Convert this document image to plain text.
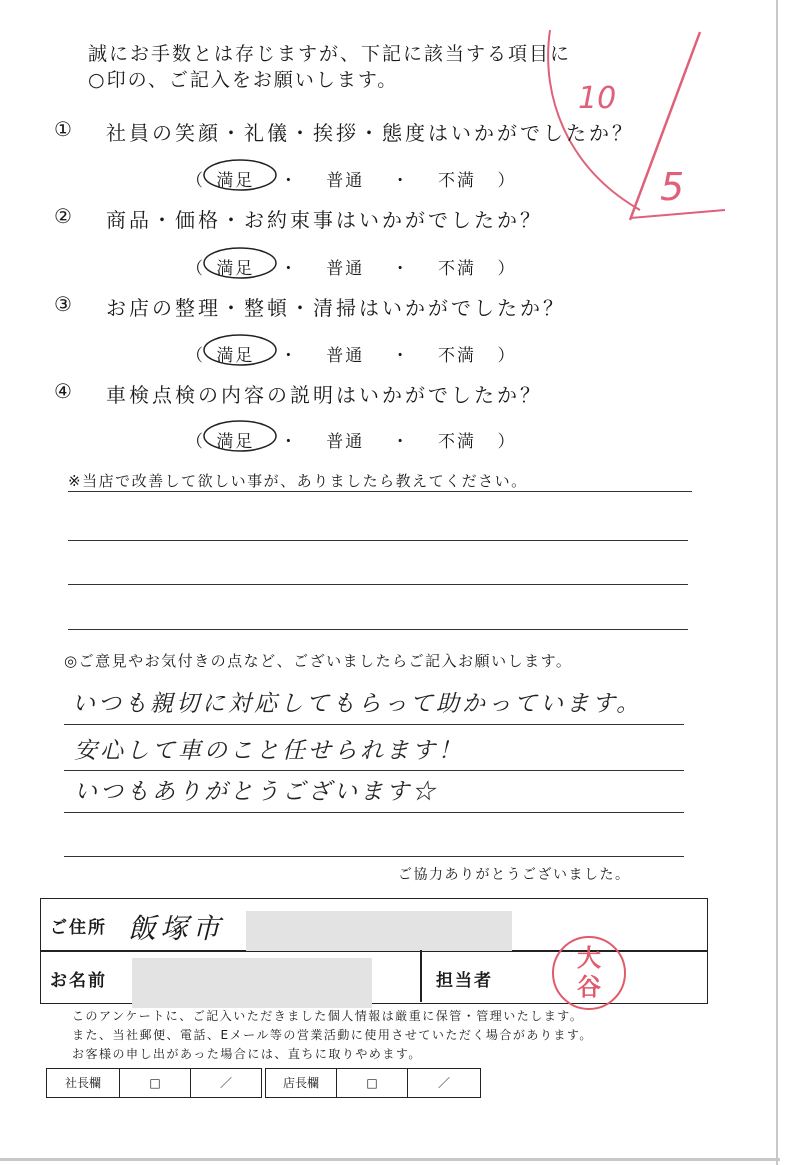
誠にお手数とは存じますが、下記に該当する項目に
○印の、ご記入をお願いします。
10
5
① 社員の笑顔・礼儀・挨拶・態度はいかがでしたか？
（ 満足 ・ 普通 ・ 不満 ）
② 商品・価格・お約束事はいかがでしたか？
（ 満足 ・ 普通 ・ 不満 ）
③ お店の整理・整頓・清掃はいかがでしたか？
（ 満足 ・ 普通 ・ 不満 ）
④ 車検点検の内容の説明はいかがでしたか？
（ 満足 ・ 普通 ・ 不満 ）
※当店で改善して欲しい事が、ありましたら教えてください。
◎ご意見やお気付きの点など、ございましたらご記入お願いします。
いつも親切に対応してもらって助かっています。
安心して車のこと任せられます！
いつもありがとうございます☆
ご協力ありがとうございました。
ご住所 飯塚市
お名前	担当者
大
谷
このアンケートに、ご記入いただきました個人情報は厳重に保管・管理いたします。
また、当社郵便、電話、Eメール等の営業活動に使用させていただく場合があります。
お客様の申し出があった場合には、直ちに取りやめます。
社長欄	□	／	店長欄	□	／
